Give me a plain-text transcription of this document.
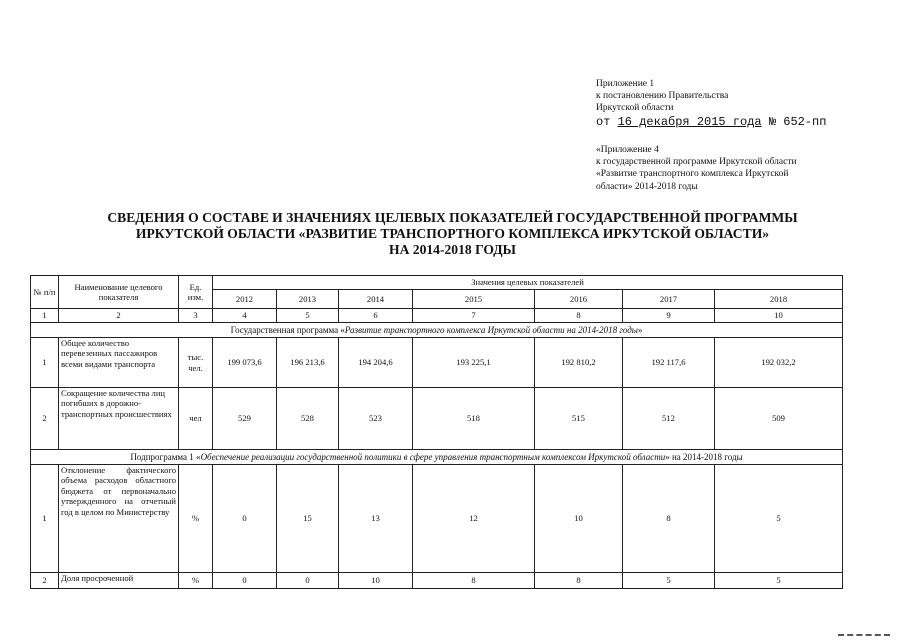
Приложение 1
к постановлению Правительства
Иркутской области
от 16 декабря 2015 года № 652-пп
«Приложение 4
к государственной программе Иркутской области
«Развитие транспортного комплекса Иркутской
области» 2014-2018 годы
СВЕДЕНИЯ О СОСТАВЕ И ЗНАЧЕНИЯХ ЦЕЛЕВЫХ ПОКАЗАТЕЛЕЙ ГОСУДАРСТВЕННОЙ ПРОГРАММЫ
ИРКУТСКОЙ ОБЛАСТИ «РАЗВИТИЕ ТРАНСПОРТНОГО КОМПЛЕКСА ИРКУТСКОЙ ОБЛАСТИ»
НА 2014-2018 ГОДЫ
№ п/п	Наименование целевого показателя	Ед. изм.	Значения целевых показателей						
			2012	2013	2014	2015	2016	2017	2018
1	2	3	4	5	6	7	8	9	10
Государственная программа «Развитие транспортного комплекса Иркутской области на 2014-2018 годы»									
1	Общее количество перевезенных пассажиров всеми видами транспорта	тыс. чел.	199 073,6	196 213,6	194 204,6	193 225,1	192 810,2	192 117,6	192 032,2
2	Сокращение количества лиц погибших в дорожно-транспортных происшествиях	чел	529	528	523	518	515	512	509
Подпрограмма 1 «Обеспечение реализации государственной политики в сфере управления транспортным комплексом Иркутской области» на 2014-2018 годы									
1	Отклонение фактического объема расходов областного бюджета от первоначально утвержденного на отчетный год в целом по Министерству	%	0	15	13	12	10	8	5
2	Доля просроченной	%	0	0	10	8	8	5	5
